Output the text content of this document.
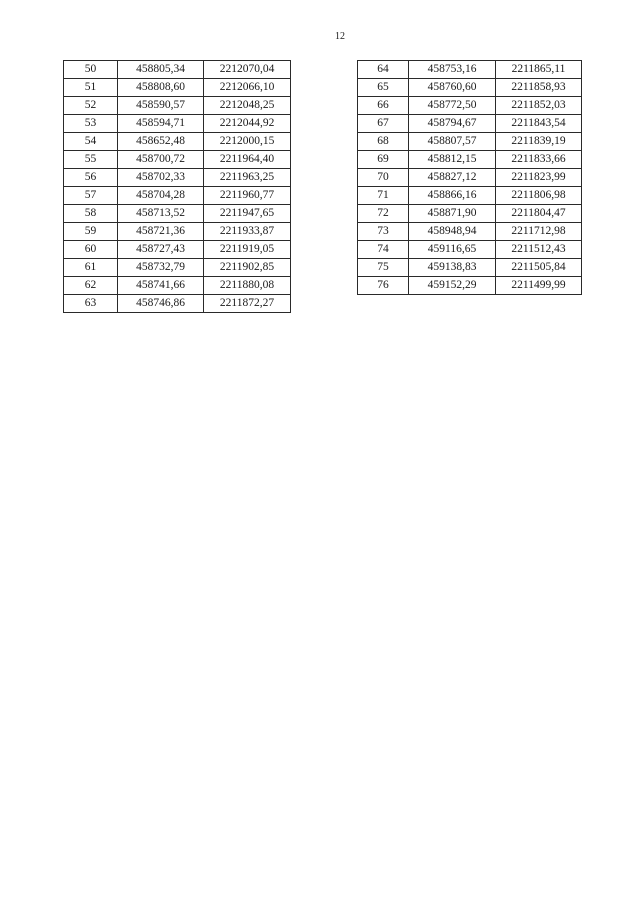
12
50	458805,34	2212070,04
51	458808,60	2212066,10
52	458590,57	2212048,25
53	458594,71	2212044,92
54	458652,48	2212000,15
55	458700,72	2211964,40
56	458702,33	2211963,25
57	458704,28	2211960,77
58	458713,52	2211947,65
59	458721,36	2211933,87
60	458727,43	2211919,05
61	458732,79	2211902,85
62	458741,66	2211880,08
63	458746,86	2211872,27
64	458753,16	2211865,11
65	458760,60	2211858,93
66	458772,50	2211852,03
67	458794,67	2211843,54
68	458807,57	2211839,19
69	458812,15	2211833,66
70	458827,12	2211823,99
71	458866,16	2211806,98
72	458871,90	2211804,47
73	458948,94	2211712,98
74	459116,65	2211512,43
75	459138,83	2211505,84
76	459152,29	2211499,99
